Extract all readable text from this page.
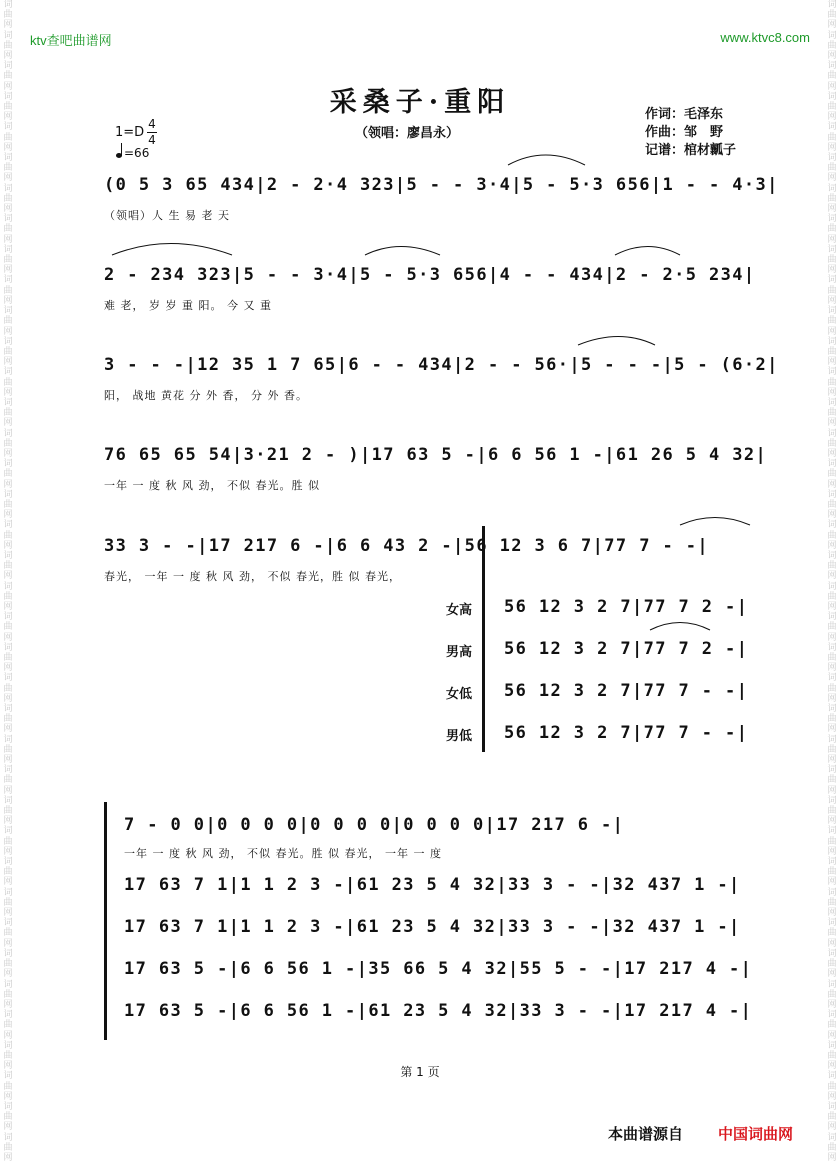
词
曲
网
词
曲
网
词
曲
网
词
曲
网
词
曲
网
词
曲
网
词
曲
网
词
曲
网
词
曲
网
词
曲
网
词
曲
网
词
曲
网
词
曲
网
词
曲
网
词
曲
网
词
曲
网
词
曲
网
词
曲
网
词
曲
网
词
曲
网
词
曲
网
词
曲
网
词
曲
网
词
曲
网
词
曲
网
词
曲
网
词
曲
网
词
曲
网
词
曲
网
词
曲
网
词
曲
网
词
曲
网
词
曲
网
词
曲
网
词
曲
网
词
曲
网
词
曲
网
词
曲
网

词
曲
网
词
曲
网
词
曲
网
词
曲
网
词
曲
网
词
曲
网
词
曲
网
词
曲
网
词
曲
网
词
曲
网
词
曲
网
词
曲
网
词
曲
网
词
曲
网
词
曲
网
词
曲
网
词
曲
网
词
曲
网
词
曲
网
词
曲
网
词
曲
网
词
曲
网
词
曲
网
词
曲
网
词
曲
网
词
曲
网
词
曲
网
词
曲
网
词
曲
网
词
曲
网
词
曲
网
词
曲
网
词
曲
网
词
曲
网
词
曲
网
词
曲
网
词
曲
网
词
曲
网

ktv查吧曲谱网	www.ktvc8.com
采桑子·重阳
（领唱：廖昌永）
作词：毛泽东
作曲：邹　野
记谱：棺材瓤子
1=D
4
4
=66
(0 5 3 65 434|2 - 2·4 323|5 - - 3·4|5 - 5·3 656|1 - - 4·3|
（领唱）人 生 易 老 天
2 - 234 323|5 - - 3·4|5 - 5·3 656|4 - - 434|2 - 2·5 234|
难 老， 岁 岁 重 阳。 今 又 重
3 - - -|12 35 1 7 65|6 - - 434|2 - - 56·|5 - - -|5 - (6·2|
阳， 战地 黄花 分 外 香， 分 外 香。
76 65 65 54|3·21 2 - )|17 63 5 -|6 6 56 1 -|61 26 5 4 32|
一年 一 度 秋 风 劲， 不似 春光。胜 似
33 3 - -|17 217 6 -|6 6 43 2 -|56 12 3 6 7|77 7 - -|
春光， 一年 一 度 秋 风 劲， 不似 春光，胜 似 春光，
女高 56 12 3 2 7|77 7 2 -|
男高 56 12 3 2 7|77 7 2 -|
女低 56 12 3 2 7|77 7 - -|
男低 56 12 3 2 7|77 7 - -|
7 - 0 0|0 0 0 0|0 0 0 0|0 0 0 0|17 217 6 -|
一年 一 度 秋 风 劲， 不似 春光。胜 似 春光， 一年 一 度
17 63 7 1|1 1 2 3 -|61 23 5 4 32|33 3 - -|32 437 1 -|
17 63 7 1|1 1 2 3 -|61 23 5 4 32|33 3 - -|32 437 1 -|
17 63 5 -|6 6 56 1 -|35 66 5 4 32|55 5 - -|17 217 4 -|
17 63 5 -|6 6 56 1 -|61 23 5 4 32|33 3 - -|17 217 4 -|
第 1 页
本曲谱源自 中国词曲网
